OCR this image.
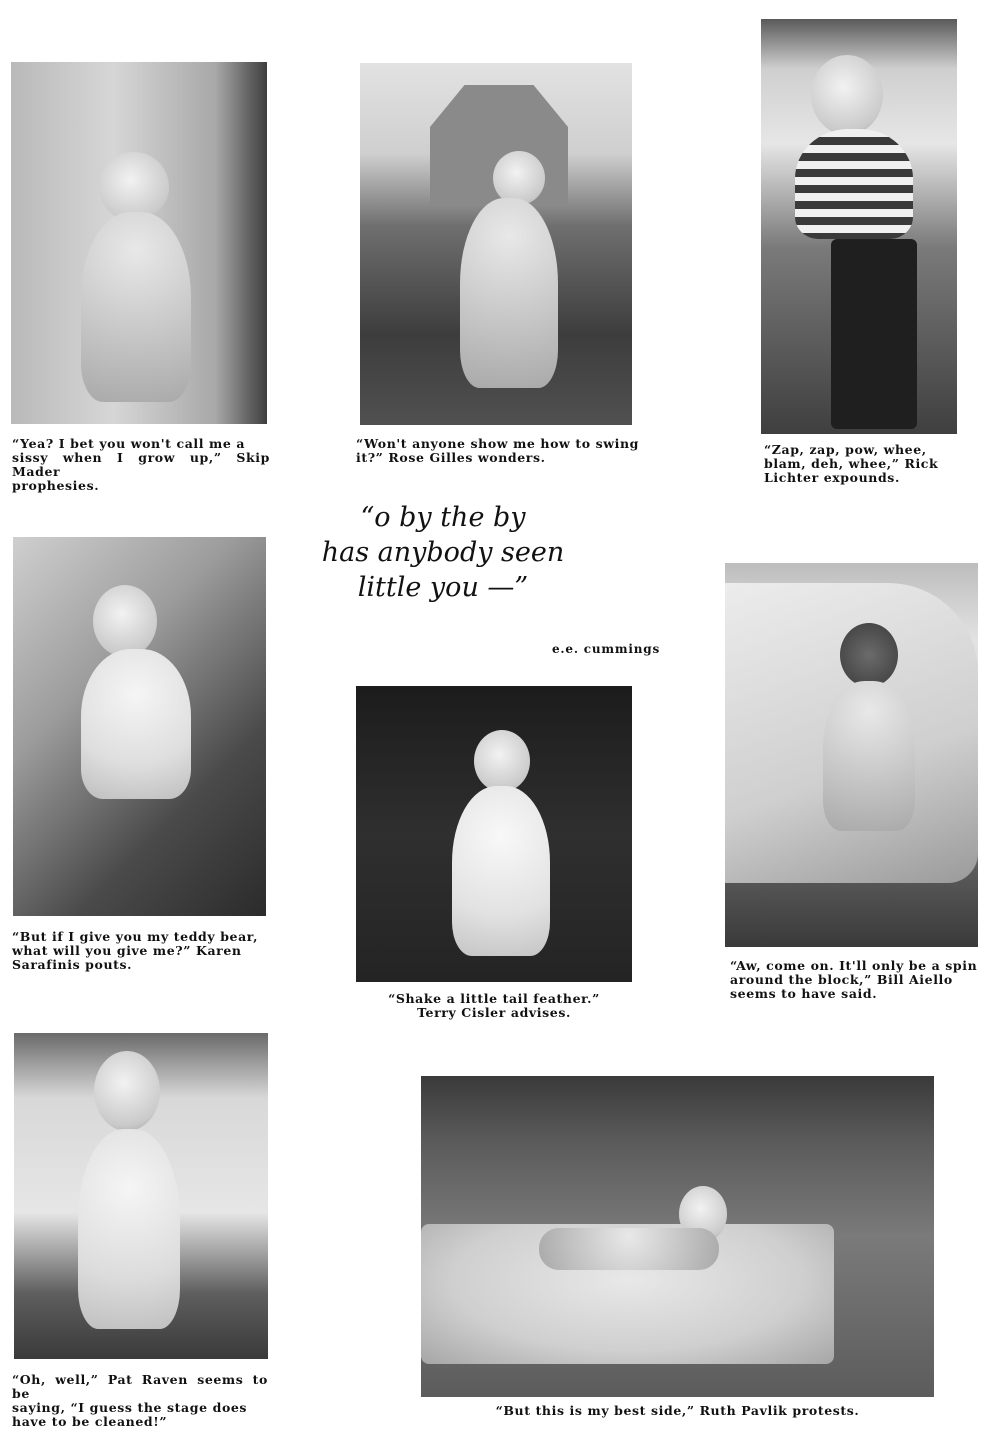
“Yea? I bet you won't call me a
sissy when I grow up,” Skip Mader
prophesies.
“Won't anyone show me how to swing
it?” Rose Gilles wonders.
“Zap, zap, pow, whee,
blam, deh, whee,” Rick
Lichter expounds.
“o by the by
has anybody seen
little you —”
e.e. cummings
“But if I give you my teddy bear,
what will you give me?” Karen
Sarafinis pouts.
“Shake a little tail feather.”
Terry Cisler advises.
“Aw, come on. It'll only be a spin
around the block,” Bill Aiello
seems to have said.
“Oh, well,” Pat Raven seems to be
saying, “I guess the stage does
have to be cleaned!”
“But this is my best side,” Ruth Pavlik protests.
